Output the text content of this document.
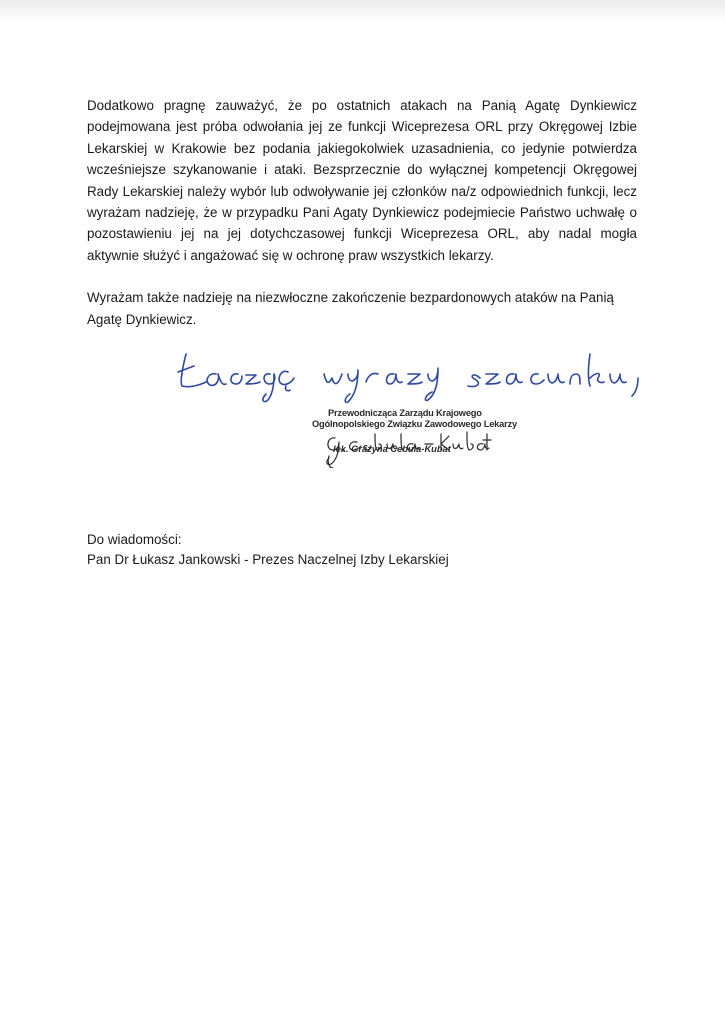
Dodatkowo pragnę zauważyć, że po ostatnich atakach na Panią Agatę Dynkiewicz podejmowana jest próba odwołania jej ze funkcji Wiceprezesa ORL przy Okręgowej Izbie Lekarskiej w Krakowie bez podania jakiegokolwiek uzasadnienia, co jedynie potwierdza wcześniejsze szykanowanie i ataki. Bezsprzecznie do wyłącznej kompetencji Okręgowej Rady Lekarskiej należy wybór lub odwoływanie jej członków na/z odpowiednich funkcji, lecz wyrażam nadzieję, że w przypadku Pani Agaty Dynkiewicz podejmiecie Państwo uchwałę o pozostawieniu jej na jej dotychczasowej funkcji Wiceprezesa ORL, aby nadal mogła aktywnie służyć i angażować się w ochronę praw wszystkich lekarzy.

Wyrażam także nadzieję na niezwłoczne zakończenie bezpardonowych ataków na Panią Agatę Dynkiewicz.

Przewodnicząca Zarządu Krajowego
Ogólnopolskiego Związku Zawodowego Lekarzy
lek. Grażyna Cebula-Kubat
Do wiadomości:
Pan Dr Łukasz Jankowski - Prezes Naczelnej Izby Lekarskiej
